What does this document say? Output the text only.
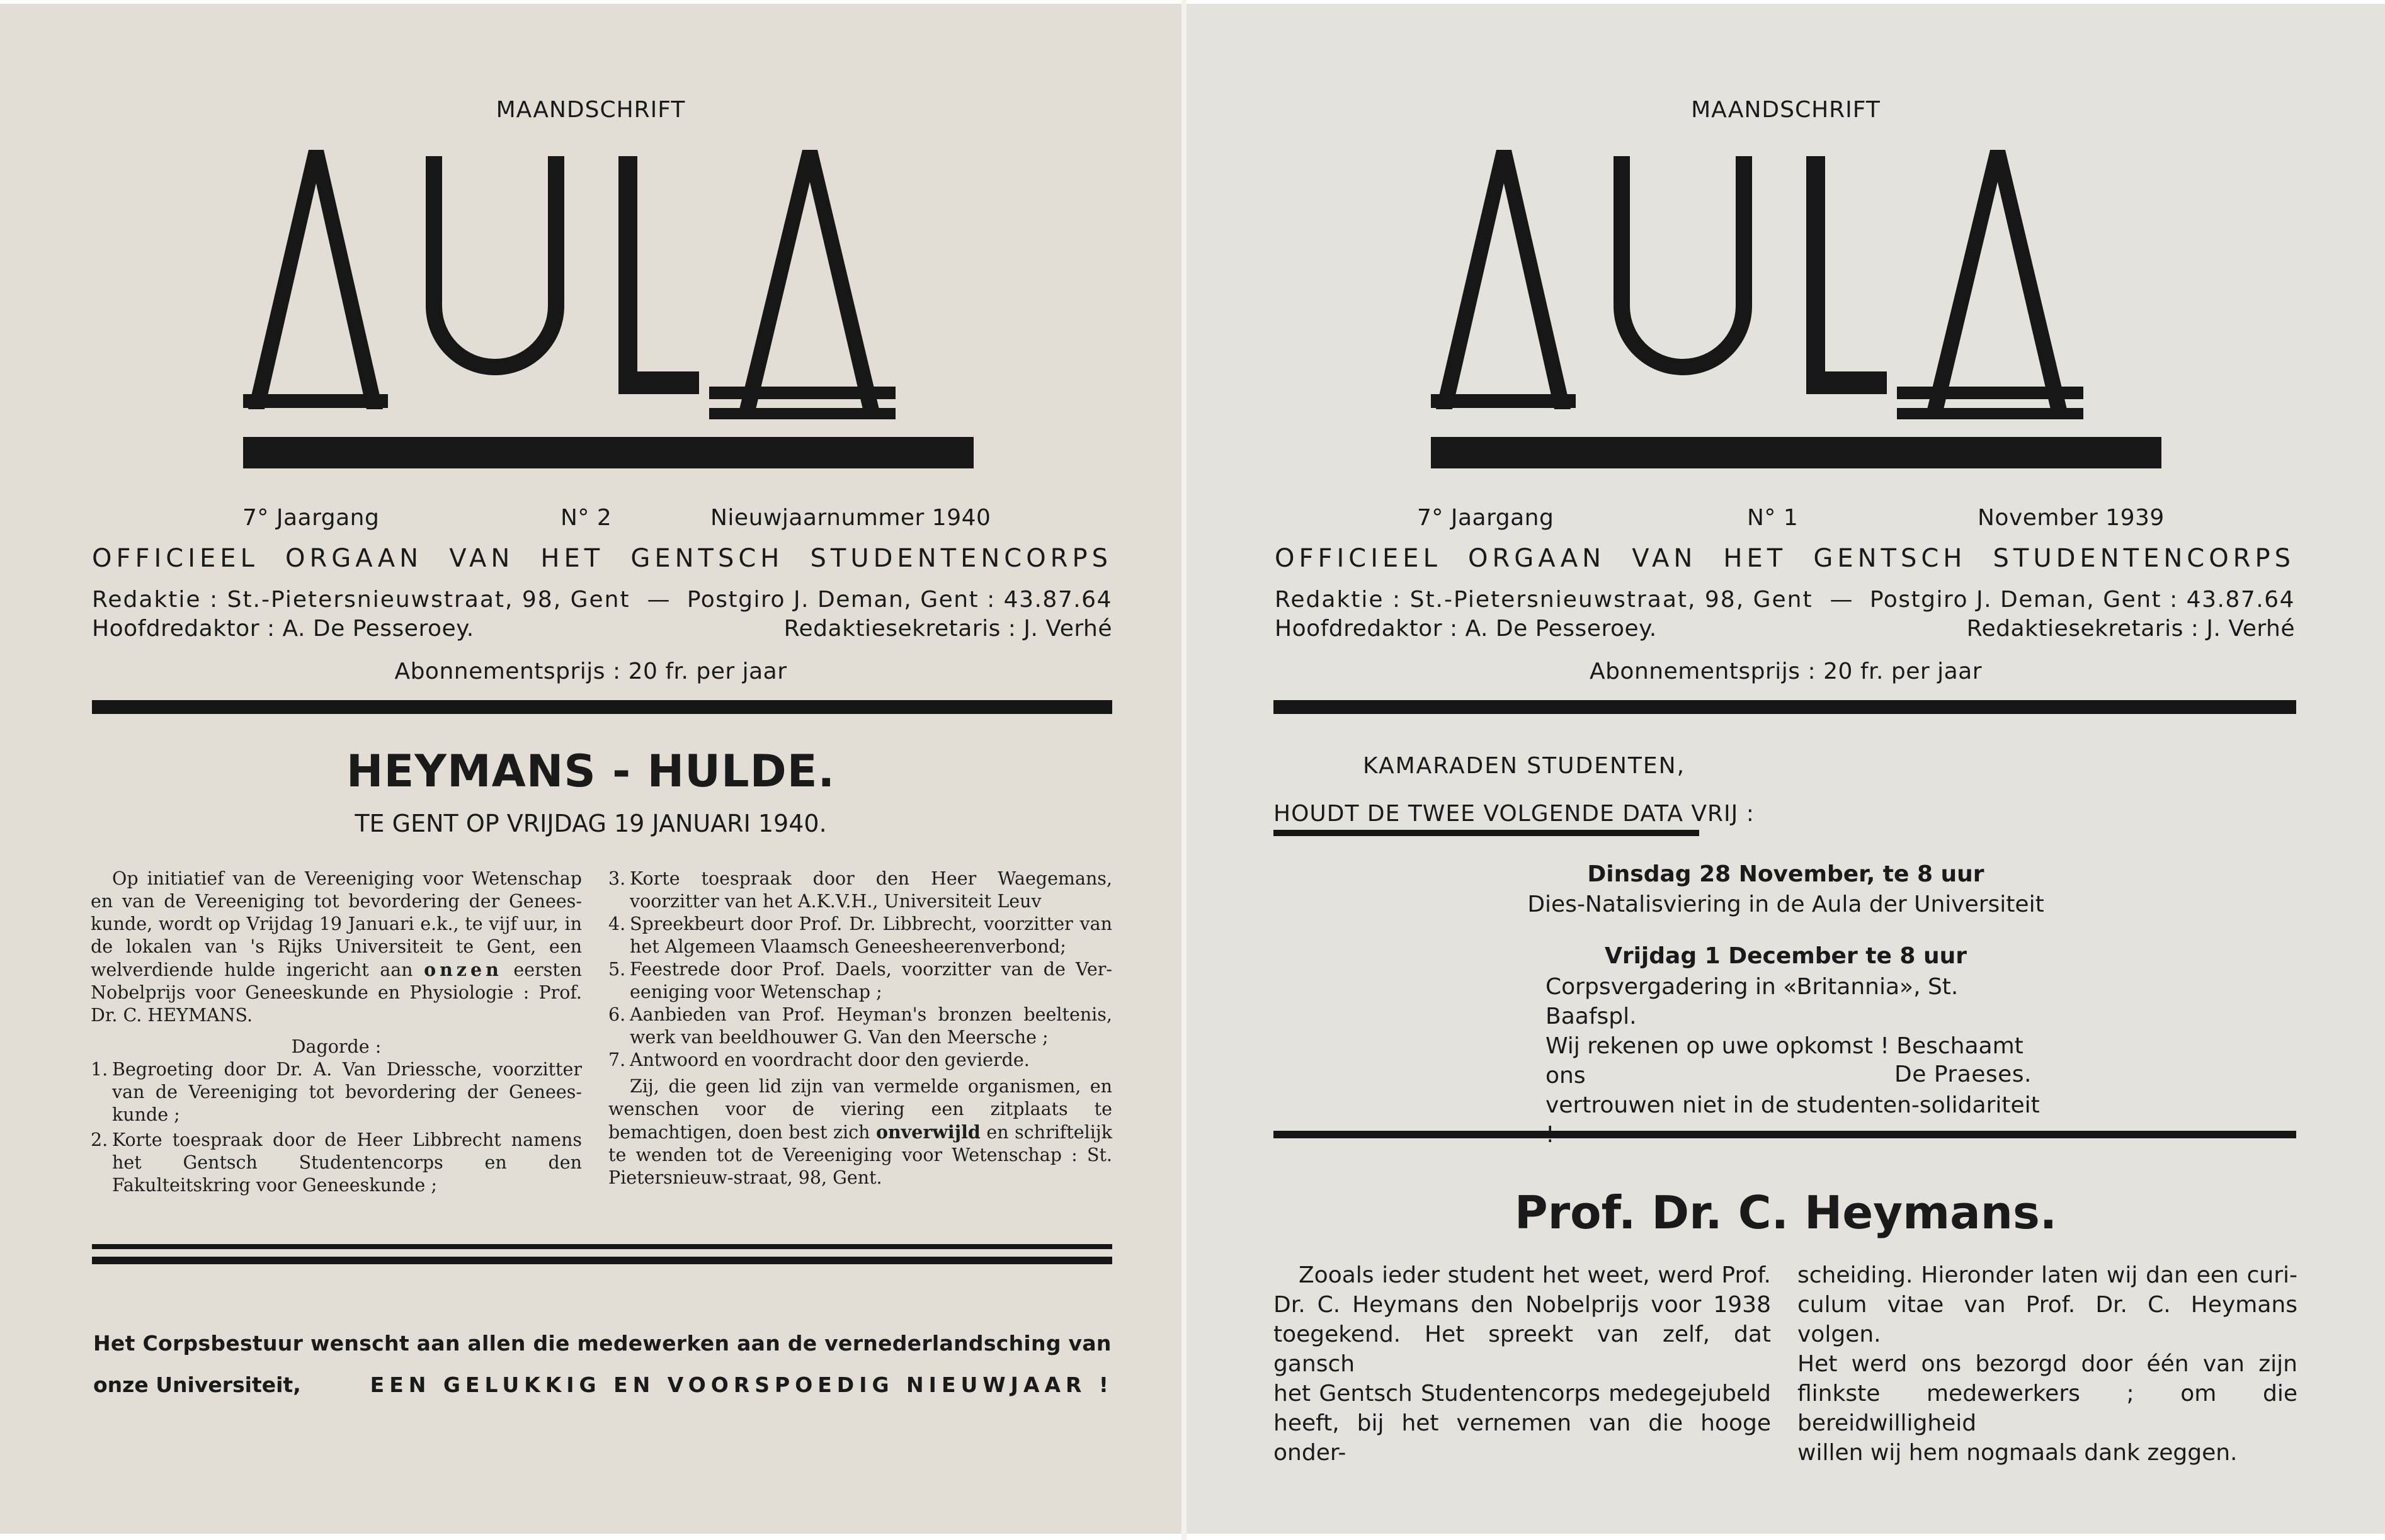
MAANDSCHRIFT
AULA
7° Jaargang	N° 2	Nieuwjaarnummer 1940
OFFICIEEL ORGAAN VAN HET GENTSCH STUDENTENCORPS
Redaktie : St.-Pietersnieuwstraat, 98, Gent — Postgiro J. Deman, Gent : 43.87.64
Hoofdredaktor : A. De Pesseroey.	Redaktiesekretaris : J. Verhé
Abonnementsprijs : 20 fr. per jaar
HEYMANS - HULDE.
TE GENT OP VRIJDAG 19 JANUARI 1940.

Op initiatief van de Vereeniging voor Wetenschap en van de Vereeniging tot bevordering der Genees-kunde, wordt op Vrijdag 19 Januari e.k., te vijf uur, in de lokalen van 's Rijks Universiteit te Gent, een welverdiende hulde ingericht aan onzen eersten Nobelprijs voor Geneeskunde en Physiologie : Prof. Dr. C. HEYMANS.

Dagorde :

1. Begroeting door Dr. A. Van Driessche, voorzitter van de Vereeniging tot bevordering der Genees-kunde ;
2. Korte toespraak door de Heer Libbrecht namens het Gentsch Studentencorps en den Fakulteitskring voor Geneeskunde ;
3. Korte toespraak door den Heer Waegemans, voorzitter van het A.K.V.H., Universiteit Leuv
4. Spreekbeurt door Prof. Dr. Libbrecht, voorzitter van het Algemeen Vlaamsch Geneesheerenverbond;
5. Feestrede door Prof. Daels, voorzitter van de Ver-eeniging voor Wetenschap ;
6. Aanbieden van Prof. Heyman's bronzen beeltenis, werk van beeldhouwer G. Van den Meersche ;
7. Antwoord en voordracht door den gevierde.

Zij, die geen lid zijn van vermelde organismen, en wenschen voor de viering een zitplaats te bemachtigen, doen best zich onverwijld en schriftelijk te wenden tot de Vereeniging voor Wetenschap : St. Pietersnieuw-straat, 98, Gent.

Het Corpsbestuur wenscht aan allen die medewerken aan de vernederlandsching van
onze Universiteit,	EEN GELUKKIG EN VOORSPOEDIG NIEUWJAAR !
MAANDSCHRIFT
AULA
7° Jaargang	N° 1	November 1939
OFFICIEEL ORGAAN VAN HET GENTSCH STUDENTENCORPS
Redaktie : St.-Pietersnieuwstraat, 98, Gent — Postgiro J. Deman, Gent : 43.87.64
Hoofdredaktor : A. De Pesseroey.	Redaktiesekretaris : J. Verhé
Abonnementsprijs : 20 fr. per jaar
KAMARADEN STUDENTEN,
HOUDT DE TWEE VOLGENDE DATA VRIJ :
Dinsdag 28 November, te 8 uur
Dies-Natalisviering in de Aula der Universiteit
Vrijdag 1 December te 8 uur
Corpsvergadering in «Britannia», St. Baafspl.
Wij rekenen op uwe opkomst ! Beschaamt ons
vertrouwen niet in de studenten-solidariteit
De Praeses.
Prof. Dr. C. Heymans.
Zooals ieder student het weet, werd Prof.
Dr. C. Heymans den Nobelprijs voor 1938
toegekend. Het spreekt van zelf, dat gansch
het Gentsch Studentencorps medegejubeld
heeft, bij het vernemen van die hooge onder-
scheiding. Hieronder laten wij dan een curi-
culum vitae van Prof. Dr. C. Heymans volgen.
Het werd ons bezorgd door één van zijn
flinkste medewerkers ; om die bereidwilligheid
willen wij hem nogmaals dank zeggen.
